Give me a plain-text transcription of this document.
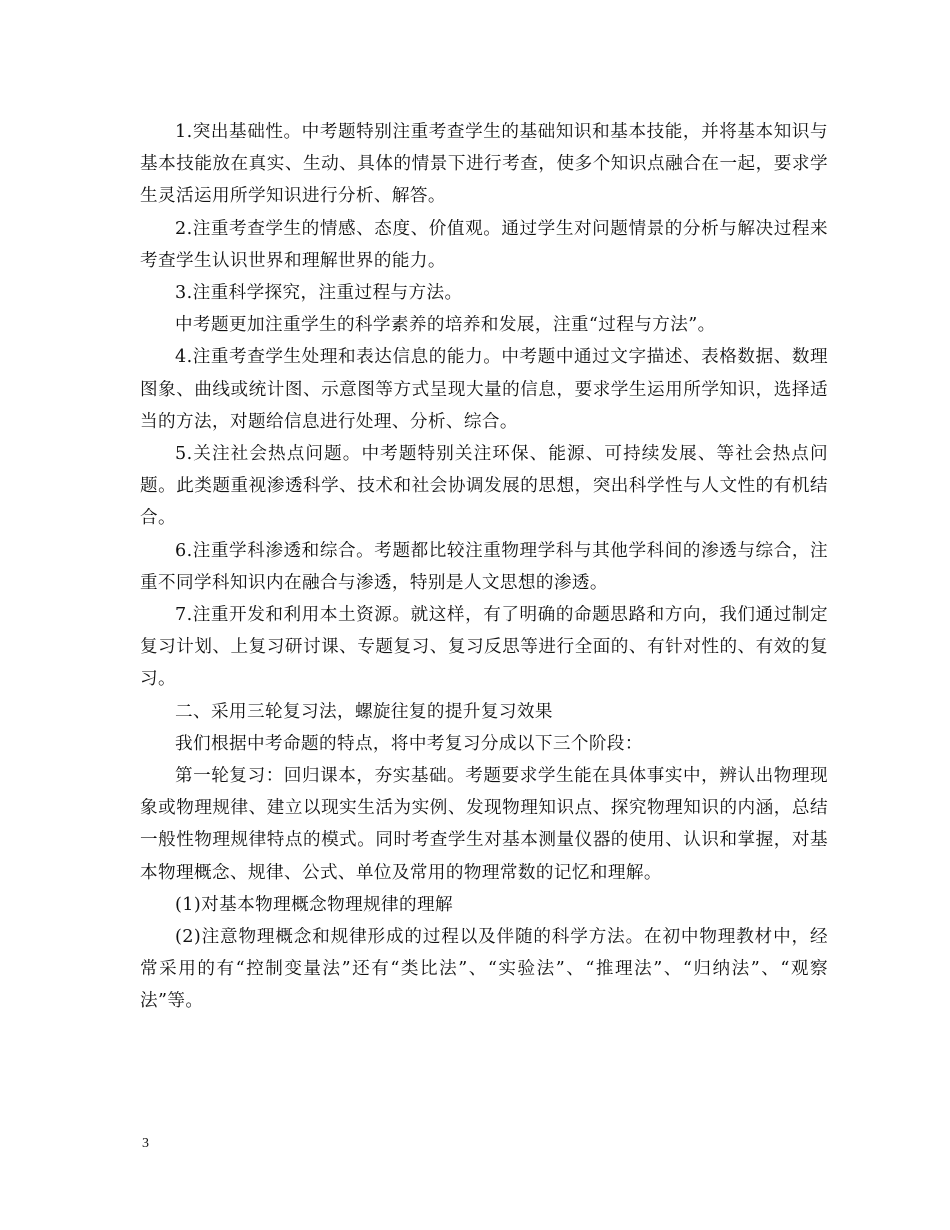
1.突出基础性。中考题特别注重考查学生的基础知识和基本技能，并将基本知识与基本技能放在真实、生动、具体的情景下进行考查，使多个知识点融合在一起，要求学生灵活运用所学知识进行分析、解答。

2.注重考查学生的情感、态度、价值观。通过学生对问题情景的分析与解决过程来考查学生认识世界和理解世界的能力。

3.注重科学探究，注重过程与方法。

中考题更加注重学生的科学素养的培养和发展，注重“过程与方法”。

4.注重考查学生处理和表达信息的能力。中考题中通过文字描述、表格数据、数理图象、曲线或统计图、示意图等方式呈现大量的信息，要求学生运用所学知识，选择适当的方法，对题给信息进行处理、分析、综合。

5.关注社会热点问题。中考题特别关注环保、能源、可持续发展、等社会热点问题。此类题重视渗透科学、技术和社会协调发展的思想，突出科学性与人文性的有机结合。

6.注重学科渗透和综合。考题都比较注重物理学科与其他学科间的渗透与综合，注重不同学科知识内在融合与渗透，特别是人文思想的渗透。

7.注重开发和利用本土资源。就这样，有了明确的命题思路和方向，我们通过制定复习计划、上复习研讨课、专题复习、复习反思等进行全面的、有针对性的、有效的复习。

二、采用三轮复习法，螺旋往复的提升复习效果

我们根据中考命题的特点，将中考复习分成以下三个阶段：

第一轮复习：回归课本，夯实基础。考题要求学生能在具体事实中，辨认出物理现象或物理规律、建立以现实生活为实例、发现物理知识点、探究物理知识的内涵，总结一般性物理规律特点的模式。同时考查学生对基本测量仪器的使用、认识和掌握，对基本物理概念、规律、公式、单位及常用的物理常数的记忆和理解。

(1)对基本物理概念物理规律的理解

(2)注意物理概念和规律形成的过程以及伴随的科学方法。在初中物理教材中，经常采用的有“控制变量法”还有“类比法”、“实验法”、“推理法”、“归纳法”、“观察法”等。

3
